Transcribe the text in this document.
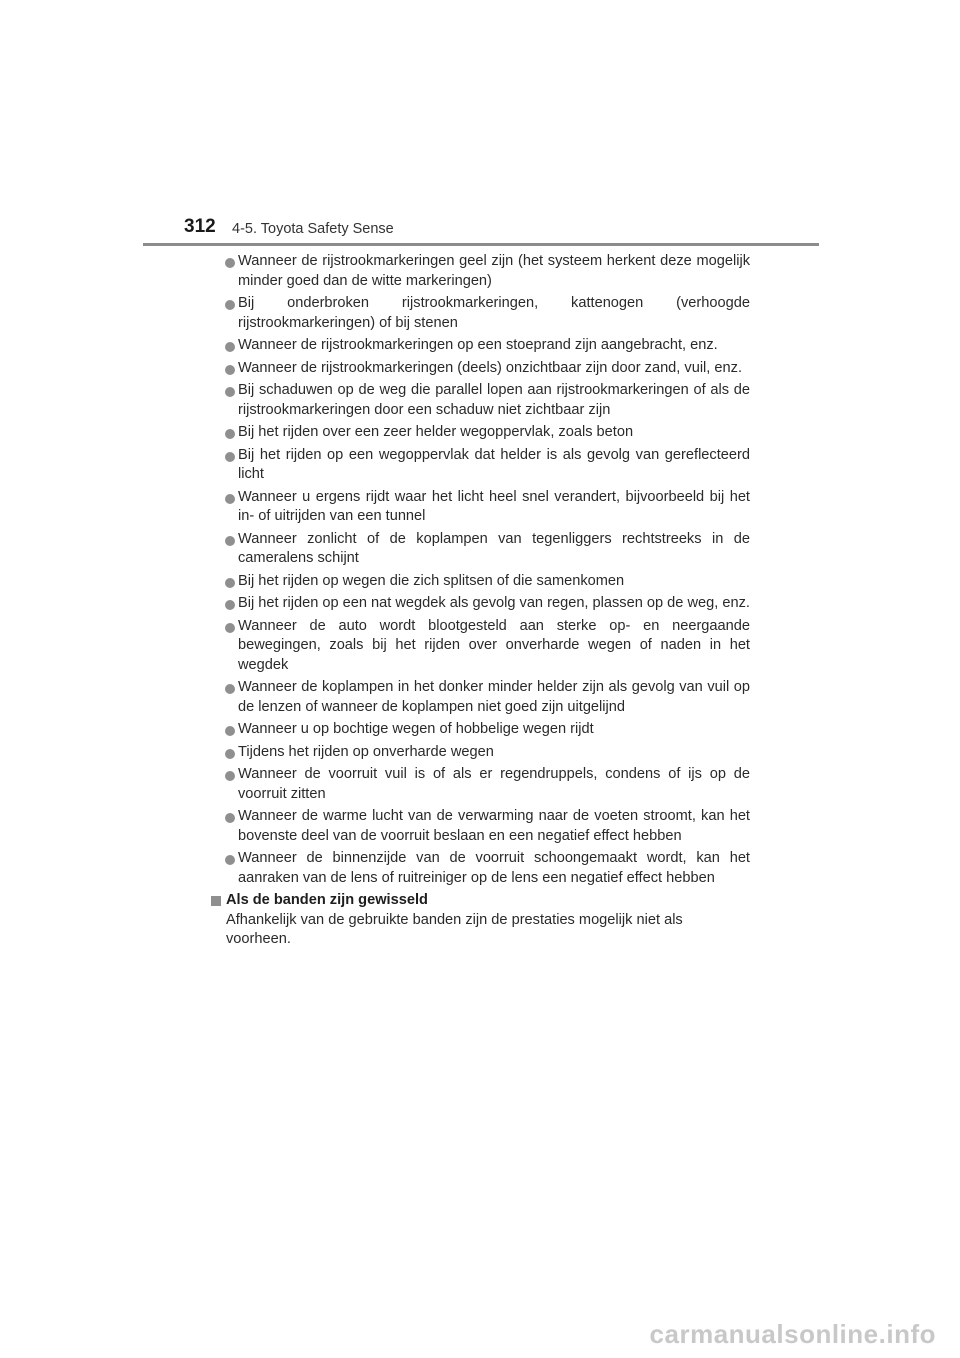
312 4-5. Toyota Safety Sense
Wanneer de rijstrookmarkeringen geel zijn (het systeem herkent deze mogelijk minder goed dan de witte markeringen)
Bij onderbroken rijstrookmarkeringen, kattenogen (verhoogde rijstrookmarkeringen) of bij stenen
Wanneer de rijstrookmarkeringen op een stoeprand zijn aangebracht, enz.
Wanneer de rijstrookmarkeringen (deels) onzichtbaar zijn door zand, vuil, enz.
Bij schaduwen op de weg die parallel lopen aan rijstrookmarkeringen of als de rijstrookmarkeringen door een schaduw niet zichtbaar zijn
Bij het rijden over een zeer helder wegoppervlak, zoals beton
Bij het rijden op een wegoppervlak dat helder is als gevolg van gereflecteerd licht
Wanneer u ergens rijdt waar het licht heel snel verandert, bijvoorbeeld bij het in- of uitrijden van een tunnel
Wanneer zonlicht of de koplampen van tegenliggers rechtstreeks in de cameralens schijnt
Bij het rijden op wegen die zich splitsen of die samenkomen
Bij het rijden op een nat wegdek als gevolg van regen, plassen op de weg, enz.
Wanneer de auto wordt blootgesteld aan sterke op- en neergaande bewegingen, zoals bij het rijden over onverharde wegen of naden in het wegdek
Wanneer de koplampen in het donker minder helder zijn als gevolg van vuil op de lenzen of wanneer de koplampen niet goed zijn uitgelijnd
Wanneer u op bochtige wegen of hobbelige wegen rijdt
Tijdens het rijden op onverharde wegen
Wanneer de voorruit vuil is of als er regendruppels, condens of ijs op de voorruit zitten
Wanneer de warme lucht van de verwarming naar de voeten stroomt, kan het bovenste deel van de voorruit beslaan en een negatief effect hebben
Wanneer de binnenzijde van de voorruit schoongemaakt wordt, kan het aanraken van de lens of ruitreiniger op de lens een negatief effect hebben
Als de banden zijn gewisseld
Afhankelijk van de gebruikte banden zijn de prestaties mogelijk niet als voorheen.
carmanualsonline.info
